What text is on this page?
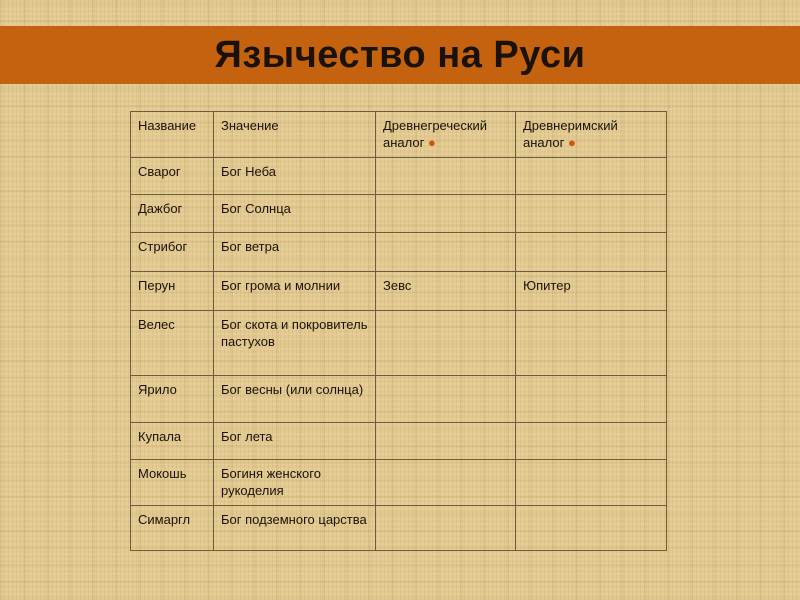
Язычество на Руси
Название	Значение	Древнегреческий аналог ●	Древнеримский аналог ●
Сварог	Бог Неба		
Дажбог	Бог Солнца		
Стрибог	Бог ветра		
Перун	Бог грома и молнии	Зевс	Юпитер
Велес	Бог скота и покровитель пастухов		
Ярило	Бог весны (или солнца)		
Купала	Бог лета		
Мокошь	Богиня женского рукоделия		
Симаргл	Бог подземного царства		
